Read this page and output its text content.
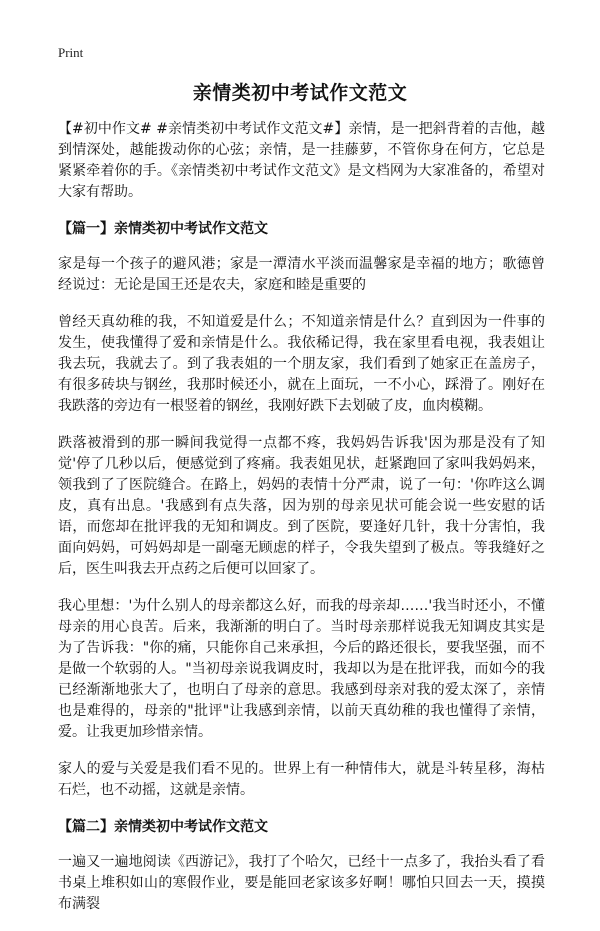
Print
亲情类初中考试作文范文

【#初中作文# #亲情类初中考试作文范文#】亲情，是一把斜背着的吉他，越到情深处，越能拨动你的心弦；亲情，是一挂藤萝，不管你身在何方，它总是紧紧牵着你的手。《亲情类初中考试作文范文》是文档网为大家准备的，希望对大家有帮助。

【篇一】亲情类初中考试作文范文

家是每一个孩子的避风港；家是一潭清水平淡而温馨家是幸福的地方；歌德曾经说过：无论是国王还是农夫，家庭和睦是重要的

曾经天真幼稚的我，不知道爱是什么；不知道亲情是什么？直到因为一件事的发生，使我懂得了爱和亲情是什么。我依稀记得，我在家里看电视，我表姐让我去玩，我就去了。到了我表姐的一个朋友家，我们看到了她家正在盖房子，有很多砖块与钢丝，我那时候还小，就在上面玩，一不小心，踩滑了。刚好在我跌落的旁边有一根竖着的钢丝，我刚好跌下去划破了皮，血肉模糊。

跌落被滑到的那一瞬间我觉得一点都不疼，我妈妈告诉我'因为那是没有了知觉'停了几秒以后，便感觉到了疼痛。我表姐见状，赶紧跑回了家叫我妈妈来，领我到了了医院缝合。在路上，妈妈的表情十分严肃，说了一句：'你咋这么调皮，真有出息。'我感到有点失落，因为别的母亲见状可能会说一些安慰的话语，而您却在批评我的无知和调皮。到了医院，要逢好几针，我十分害怕，我面向妈妈，可妈妈却是一副毫无顾虑的样子，令我失望到了极点。等我缝好之后，医生叫我去开点药之后便可以回家了。

我心里想：'为什么别人的母亲都这么好，而我的母亲却……'我当时还小，不懂母亲的用心良苦。后来，我渐渐的明白了。当时母亲那样说我无知调皮其实是为了告诉我："你的痛，只能你自己来承担，今后的路还很长，要我坚强，而不是做一个软弱的人。"当初母亲说我调皮时，我却以为是在批评我，而如今的我已经渐渐地张大了，也明白了母亲的意思。我感到母亲对我的爱太深了，亲情也是难得的，母亲的"批评"让我感到亲情，以前天真幼稚的我也懂得了亲情，爱。让我更加珍惜亲情。

家人的爱与关爱是我们看不见的。世界上有一种情伟大，就是斗转星移，海枯石烂，也不动摇，这就是亲情。

【篇二】亲情类初中考试作文范文

一遍又一遍地阅读《西游记》，我打了个哈欠，已经十一点多了，我抬头看了看书桌上堆积如山的寒假作业，要是能回老家该多好啊！哪怕只回去一天，摸摸布满裂
